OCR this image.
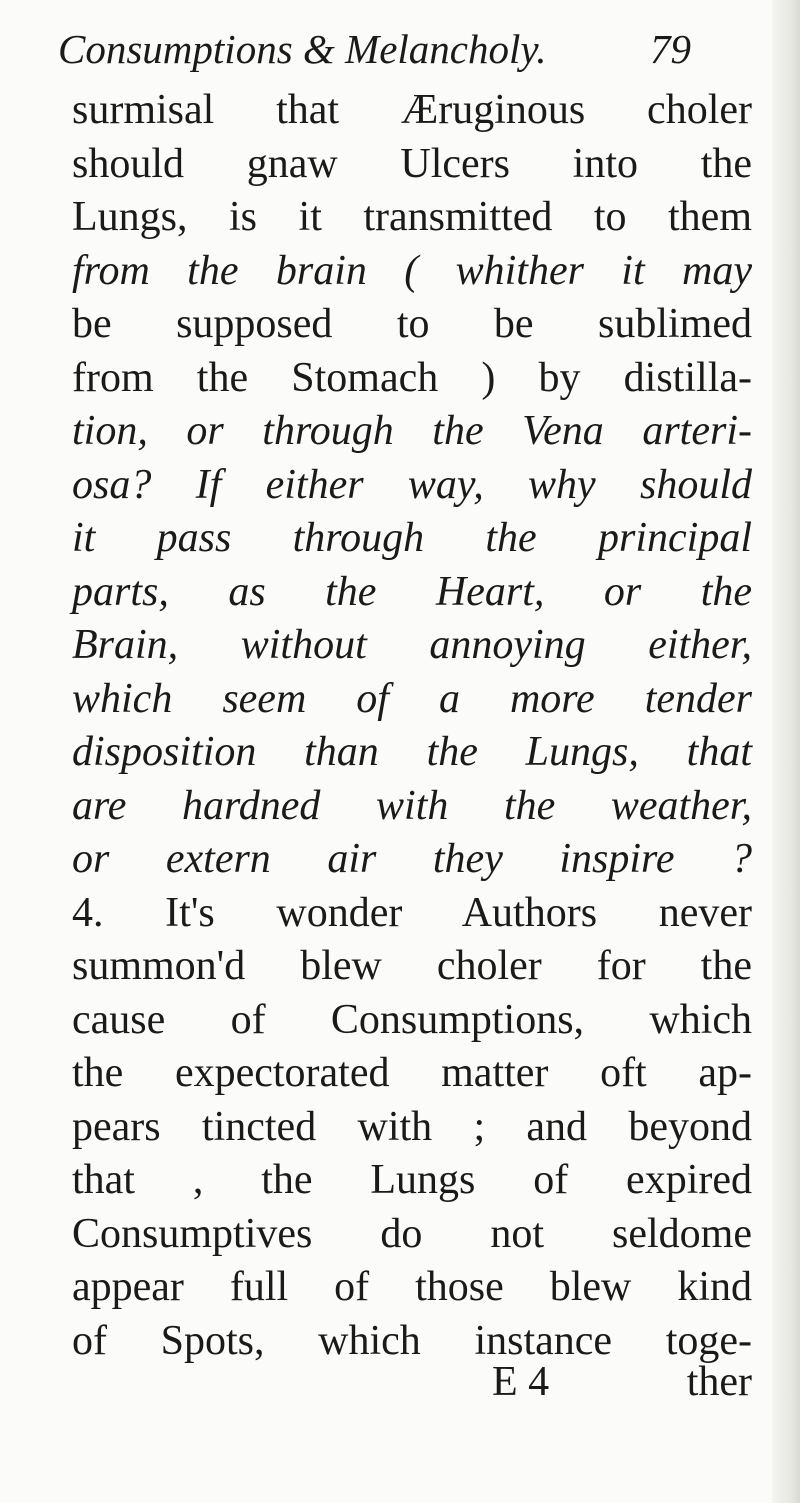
Consumptions & Melancholy.	79
surmisal that Æruginous choler
should gnaw Ulcers into the
Lungs, is it transmitted to them
from the brain ( whither it may
be supposed to be sublimed
from the Stomach ) by distilla-
tion, or through the Vena arteri-
osa? If either way, why should
it pass through the principal
parts, as the Heart, or the
Brain, without annoying either,
which seem of a more tender
disposition than the Lungs, that
are hardned with the weather,
or extern air they inspire ?
4. It's wonder Authors never
summon'd blew choler for the
cause of Consumptions, which
the expectorated matter oft ap-
pears tincted with ; and beyond
that , the Lungs of expired
Consumptives do not seldome
appear full of those blew kind
of Spots, which instance toge-
E 4	ther
